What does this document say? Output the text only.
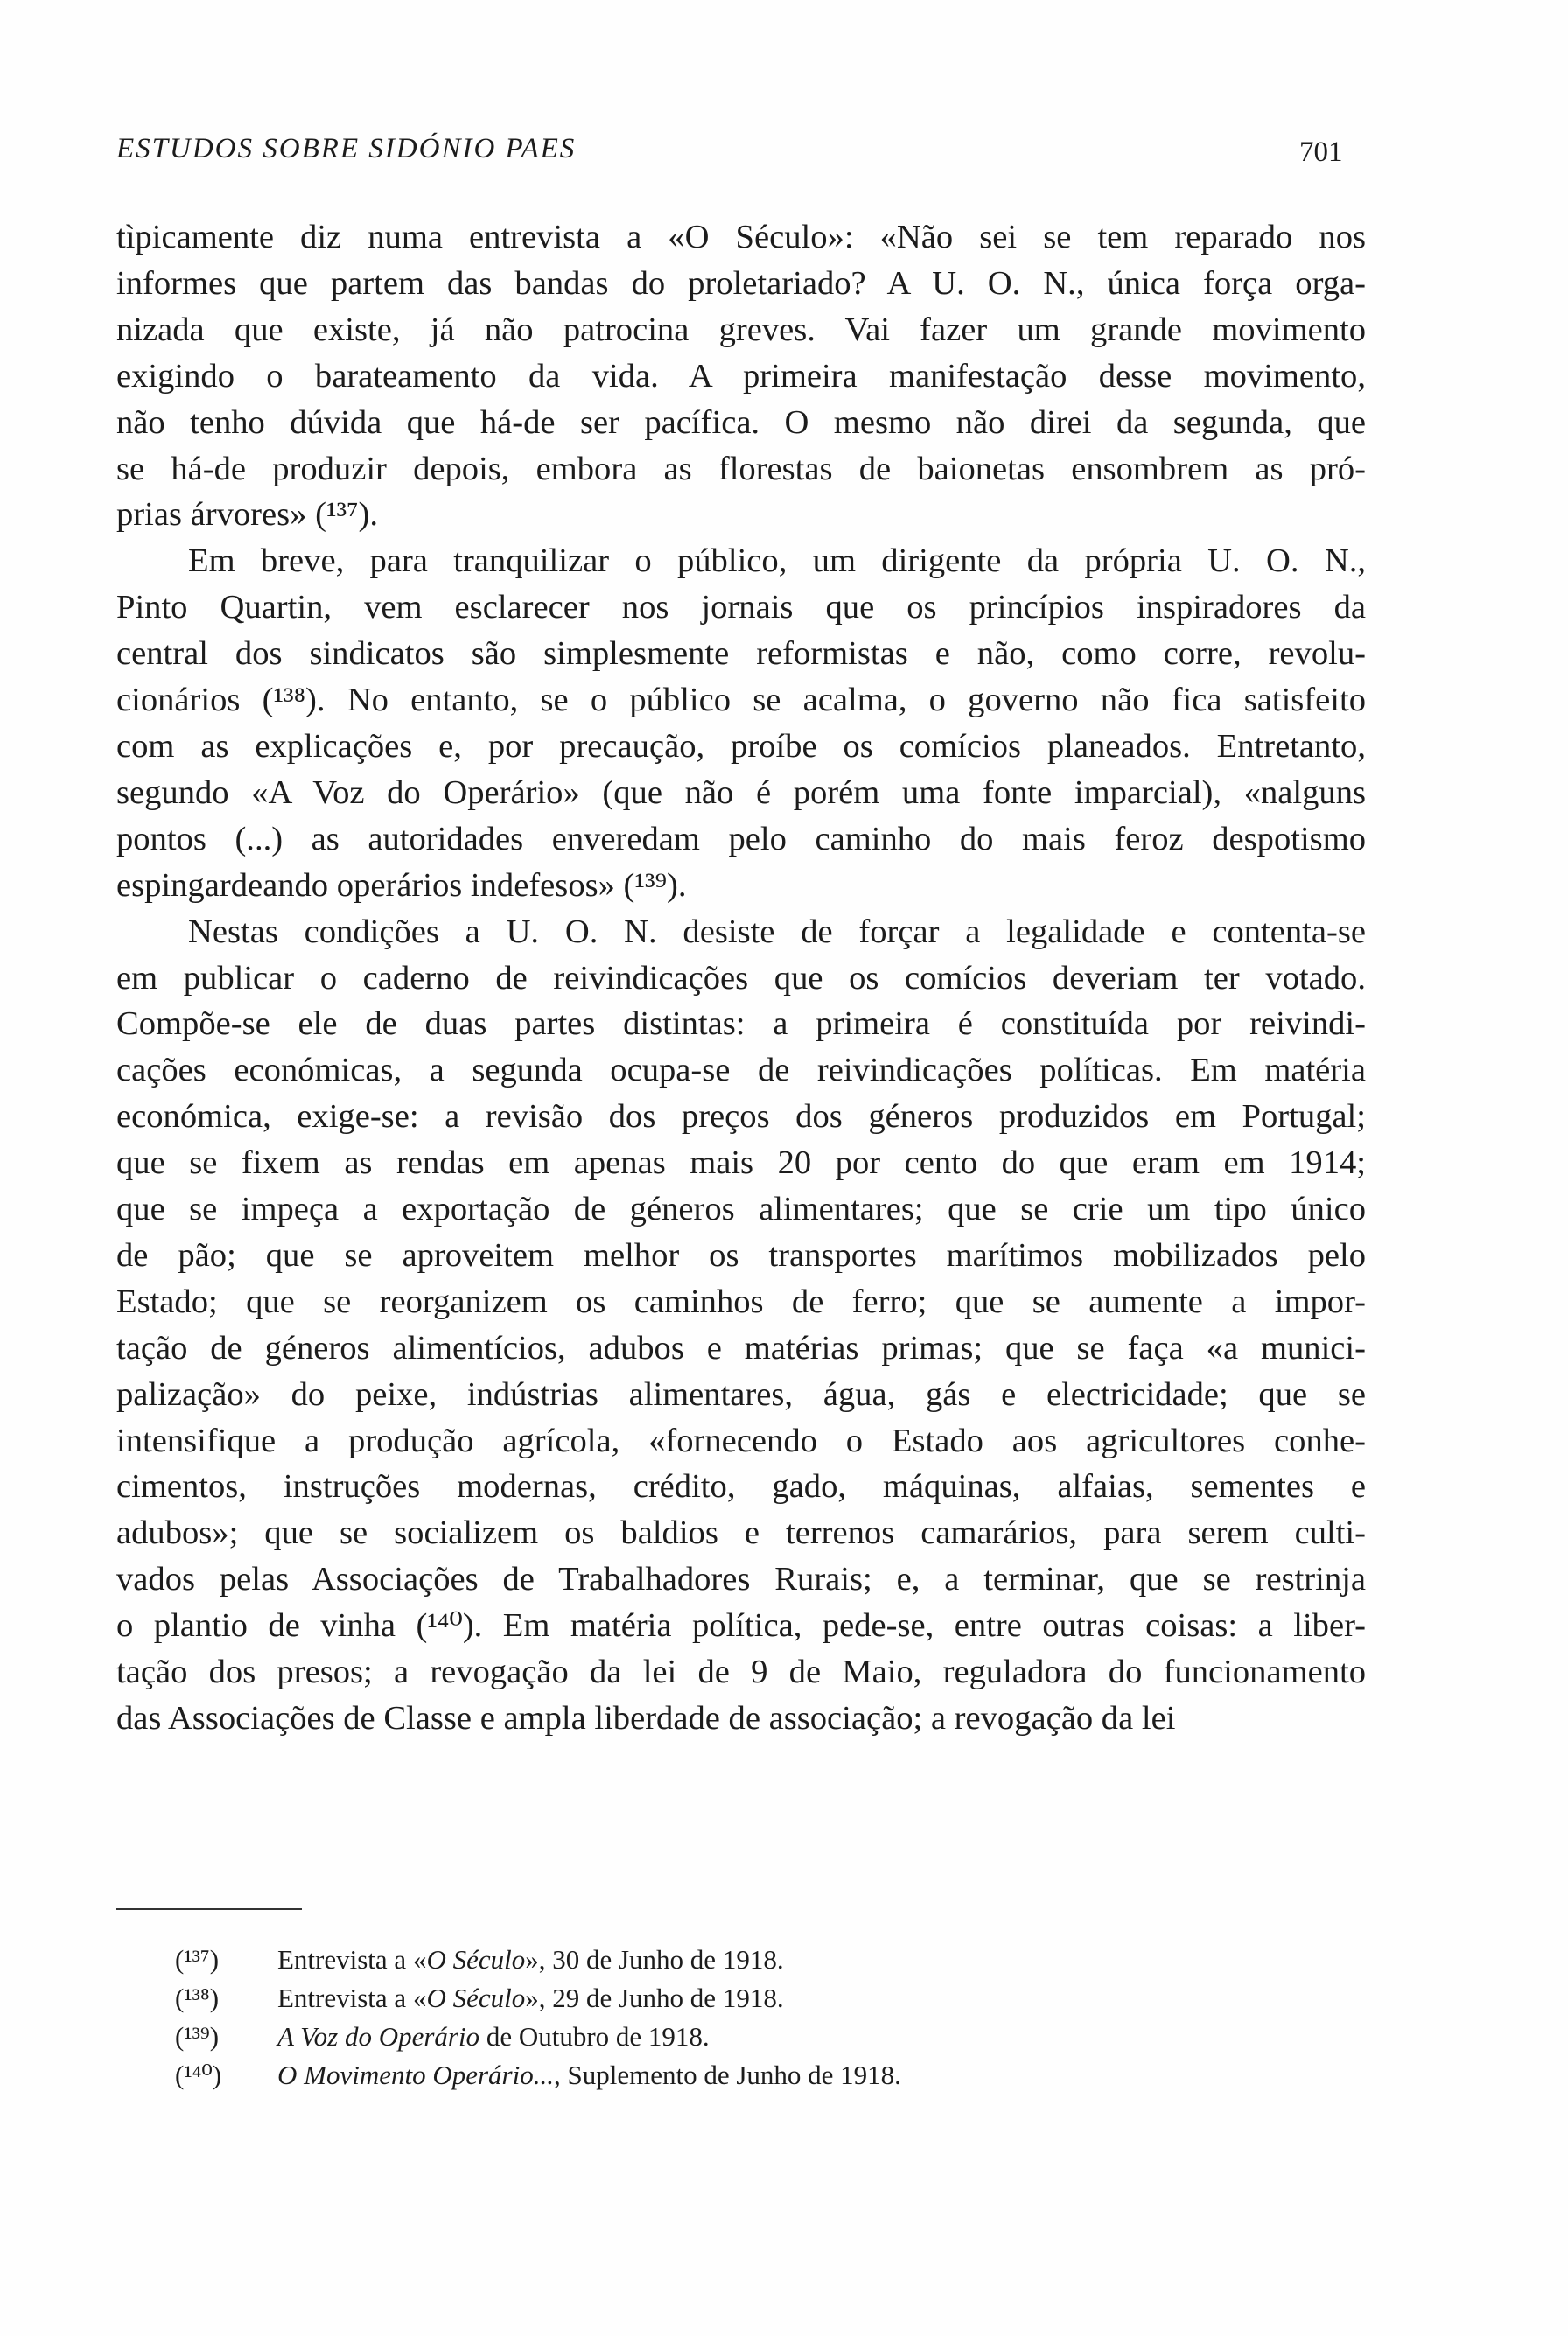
ESTUDOS SOBRE SIDÓNIO PAES	701

tìpicamente diz numa entrevista a «O Século»: «Não sei se tem reparado nos
informes que partem das bandas do proletariado? A U. O. N., única força orga-
nizada que existe, já não patrocina greves. Vai fazer um grande movimento
exigindo o barateamento da vida. A primeira manifestação desse movimento,
não tenho dúvida que há-de ser pacífica. O mesmo não direi da segunda, que
se há-de produzir depois, embora as florestas de baionetas ensombrem as pró-
prias árvores» (¹³⁷).

Em breve, para tranquilizar o público, um dirigente da própria U. O. N.,
Pinto Quartin, vem esclarecer nos jornais que os princípios inspiradores da
central dos sindicatos são simplesmente reformistas e não, como corre, revolu-
cionários (¹³⁸). No entanto, se o público se acalma, o governo não fica satisfeito
com as explicações e, por precaução, proíbe os comícios planeados. Entretanto,
segundo «A Voz do Operário» (que não é porém uma fonte imparcial), «nalguns
pontos (...) as autoridades enveredam pelo caminho do mais feroz despotismo
espingardeando operários indefesos» (¹³⁹).

Nestas condições a U. O. N. desiste de forçar a legalidade e contenta-se
em publicar o caderno de reivindicações que os comícios deveriam ter votado.
Compõe-se ele de duas partes distintas: a primeira é constituída por reivindi-
cações económicas, a segunda ocupa-se de reivindicações políticas. Em matéria
económica, exige-se: a revisão dos preços dos géneros produzidos em Portugal;
que se fixem as rendas em apenas mais 20 por cento do que eram em 1914;
que se impeça a exportação de géneros alimentares; que se crie um tipo único
de pão; que se aproveitem melhor os transportes marítimos mobilizados pelo
Estado; que se reorganizem os caminhos de ferro; que se aumente a impor-
tação de géneros alimentícios, adubos e matérias primas; que se faça «a munici-
palização» do peixe, indústrias alimentares, água, gás e electricidade; que se
intensifique a produção agrícola, «fornecendo o Estado aos agricultores conhe-
cimentos, instruções modernas, crédito, gado, máquinas, alfaias, sementes e
adubos»; que se socializem os baldios e terrenos camarários, para serem culti-
vados pelas Associações de Trabalhadores Rurais; e, a terminar, que se restrinja
o plantio de vinha (¹⁴⁰). Em matéria política, pede-se, entre outras coisas: a liber-
tação dos presos; a revogação da lei de 9 de Maio, reguladora do funcionamento
das Associações de Classe e ampla liberdade de associação; a revogação da lei

(¹³⁷)	Entrevista a «O Século», 30 de Junho de 1918.
(¹³⁸)	Entrevista a «O Século», 29 de Junho de 1918.
(¹³⁹)	A Voz do Operário de Outubro de 1918.
(¹⁴⁰)	O Movimento Operário..., Suplemento de Junho de 1918.
